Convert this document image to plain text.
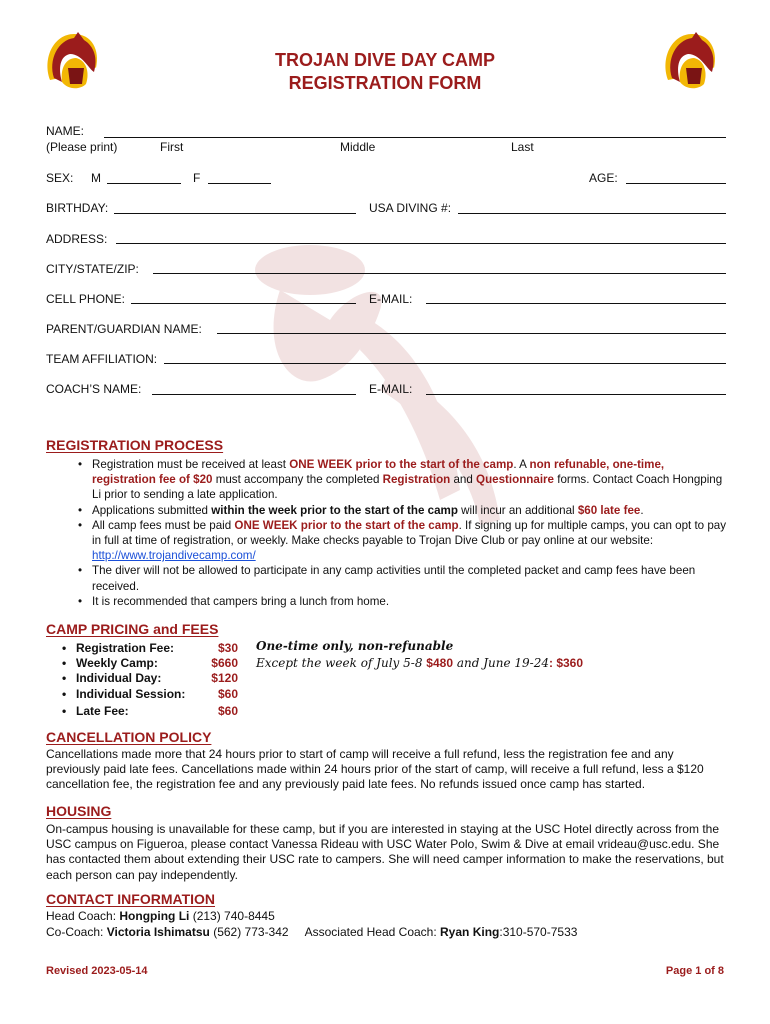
TROJAN DIVE DAY CAMP
REGISTRATION FORM
NAME:
(Please print)	First	Middle	Last
SEX: M	F	AGE:
BIRTHDAY:	USA DIVING #:
ADDRESS:
CITY/STATE/ZIP:
CELL PHONE:	E-MAIL:
PARENT/GUARDIAN NAME:
TEAM AFFILIATION:
COACH’S NAME:	E-MAIL:
REGISTRATION PROCESS
• Registration must be received at least ONE WEEK prior to the start of the camp. A non refunable, one-time, registration fee of $20 must accompany the completed Registration and Questionnaire forms. Contact Coach Hongping Li prior to sending a late application.
• Applications submitted within the week prior to the start of the camp will incur an additional $60 late fee.
• All camp fees must be paid ONE WEEK prior to the start of the camp. If signing up for multiple camps, you can opt to pay in full at time of registration, or weekly. Make checks payable to Trojan Dive Club or pay online at our website: http://www.trojandivecamp.com/
• The diver will not be allowed to participate in any camp activities until the completed packet and camp fees have been received.
• It is recommended that campers bring a lunch from home.
CAMP PRICING and FEES
• Registration Fee:	$30
• Weekly Camp:	$660
• Individual Day:	$120
• Individual Session:	$60
• Late Fee:	$60
One-time only, non-refunable
Except the week of July 5-8 $480 and June 19-24: $360
CANCELLATION POLICY
Cancellations made more that 24 hours prior to start of camp will receive a full refund, less the registration fee and any previously paid late fees. Cancellations made within 24 hours prior of the start of camp, will receive a full refund, less a $120 cancellation fee, the registration fee and any previously paid late fees. No refunds issued once camp has started.
HOUSING
On-campus housing is unavailable for these camp, but if you are interested in staying at the USC Hotel directly across from the USC campus on Figueroa, please contact Vanessa Rideau with USC Water Polo, Swim & Dive at email vrideau@usc.edu. She has contacted them about extending their USC rate to campers. She will need camper information to make the reservations, but each person can pay independently.
CONTACT INFORMATION
Head Coach: Hongping Li (213) 740-8445
Co-Coach: Victoria Ishimatsu (562) 773-342 Associated Head Coach: Ryan King:310-570-7533
Revised 2023-05-14	Page 1 of 8
